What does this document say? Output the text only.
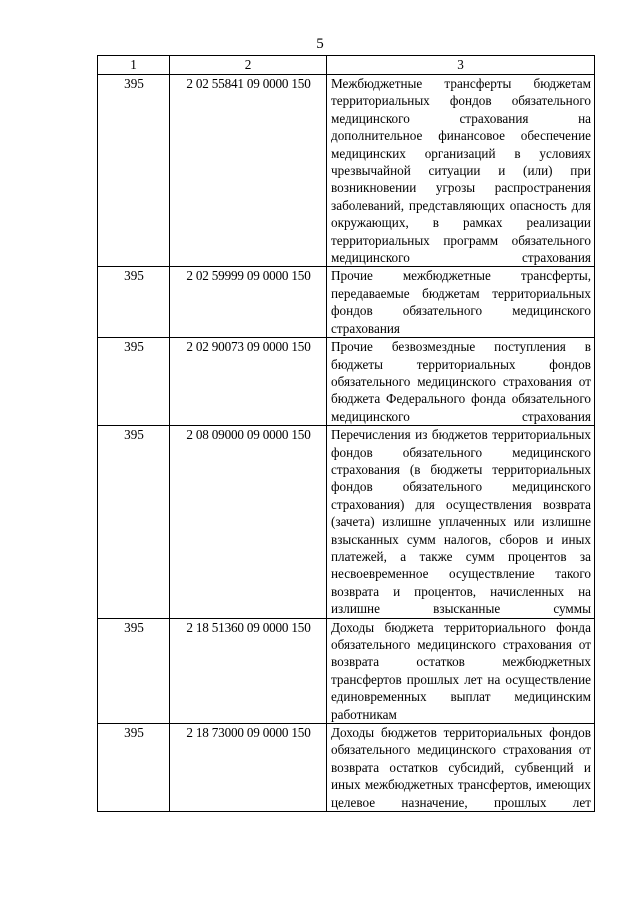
5
1	2	3
395	2 02 55841 09 0000 150	Межбюджетные трансферты бюджетам территориальных фондов обязательного медицинского страхования на дополнительное финансовое обеспечение медицинских организаций в условиях чрезвычайной ситуации и (или) при возникновении угрозы распространения заболеваний, представляющих опасность для окружающих, в рамках реализации территориальных программ обязательного медицинского страхования
395	2 02 59999 09 0000 150	Прочие межбюджетные трансферты, передаваемые бюджетам территориальных фондов обязательного медицинского страхования
395	2 02 90073 09 0000 150	Прочие безвозмездные поступления в бюджеты территориальных фондов обязательного медицинского страхования от бюджета Федерального фонда обязательного медицинского страхования
395	2 08 09000 09 0000 150	Перечисления из бюджетов территориальных фондов обязательного медицинского страхования (в бюджеты территориальных фондов обязательного медицинского страхования) для осуществления возврата (зачета) излишне уплаченных или излишне взысканных сумм налогов, сборов и иных платежей, а также сумм процентов за несвоевременное осуществление такого возврата и процентов, начисленных на излишне взысканные суммы
395	2 18 51360 09 0000 150	Доходы бюджета территориального фонда обязательного медицинского страхования от возврата остатков межбюджетных трансфертов прошлых лет на осуществление единовременных выплат медицинским работникам
395	2 18 73000 09 0000 150	Доходы бюджетов территориальных фондов обязательного медицинского страхования от возврата остатков субсидий, субвенций и иных межбюджетных трансфертов, имеющих целевое назначение, прошлых лет
